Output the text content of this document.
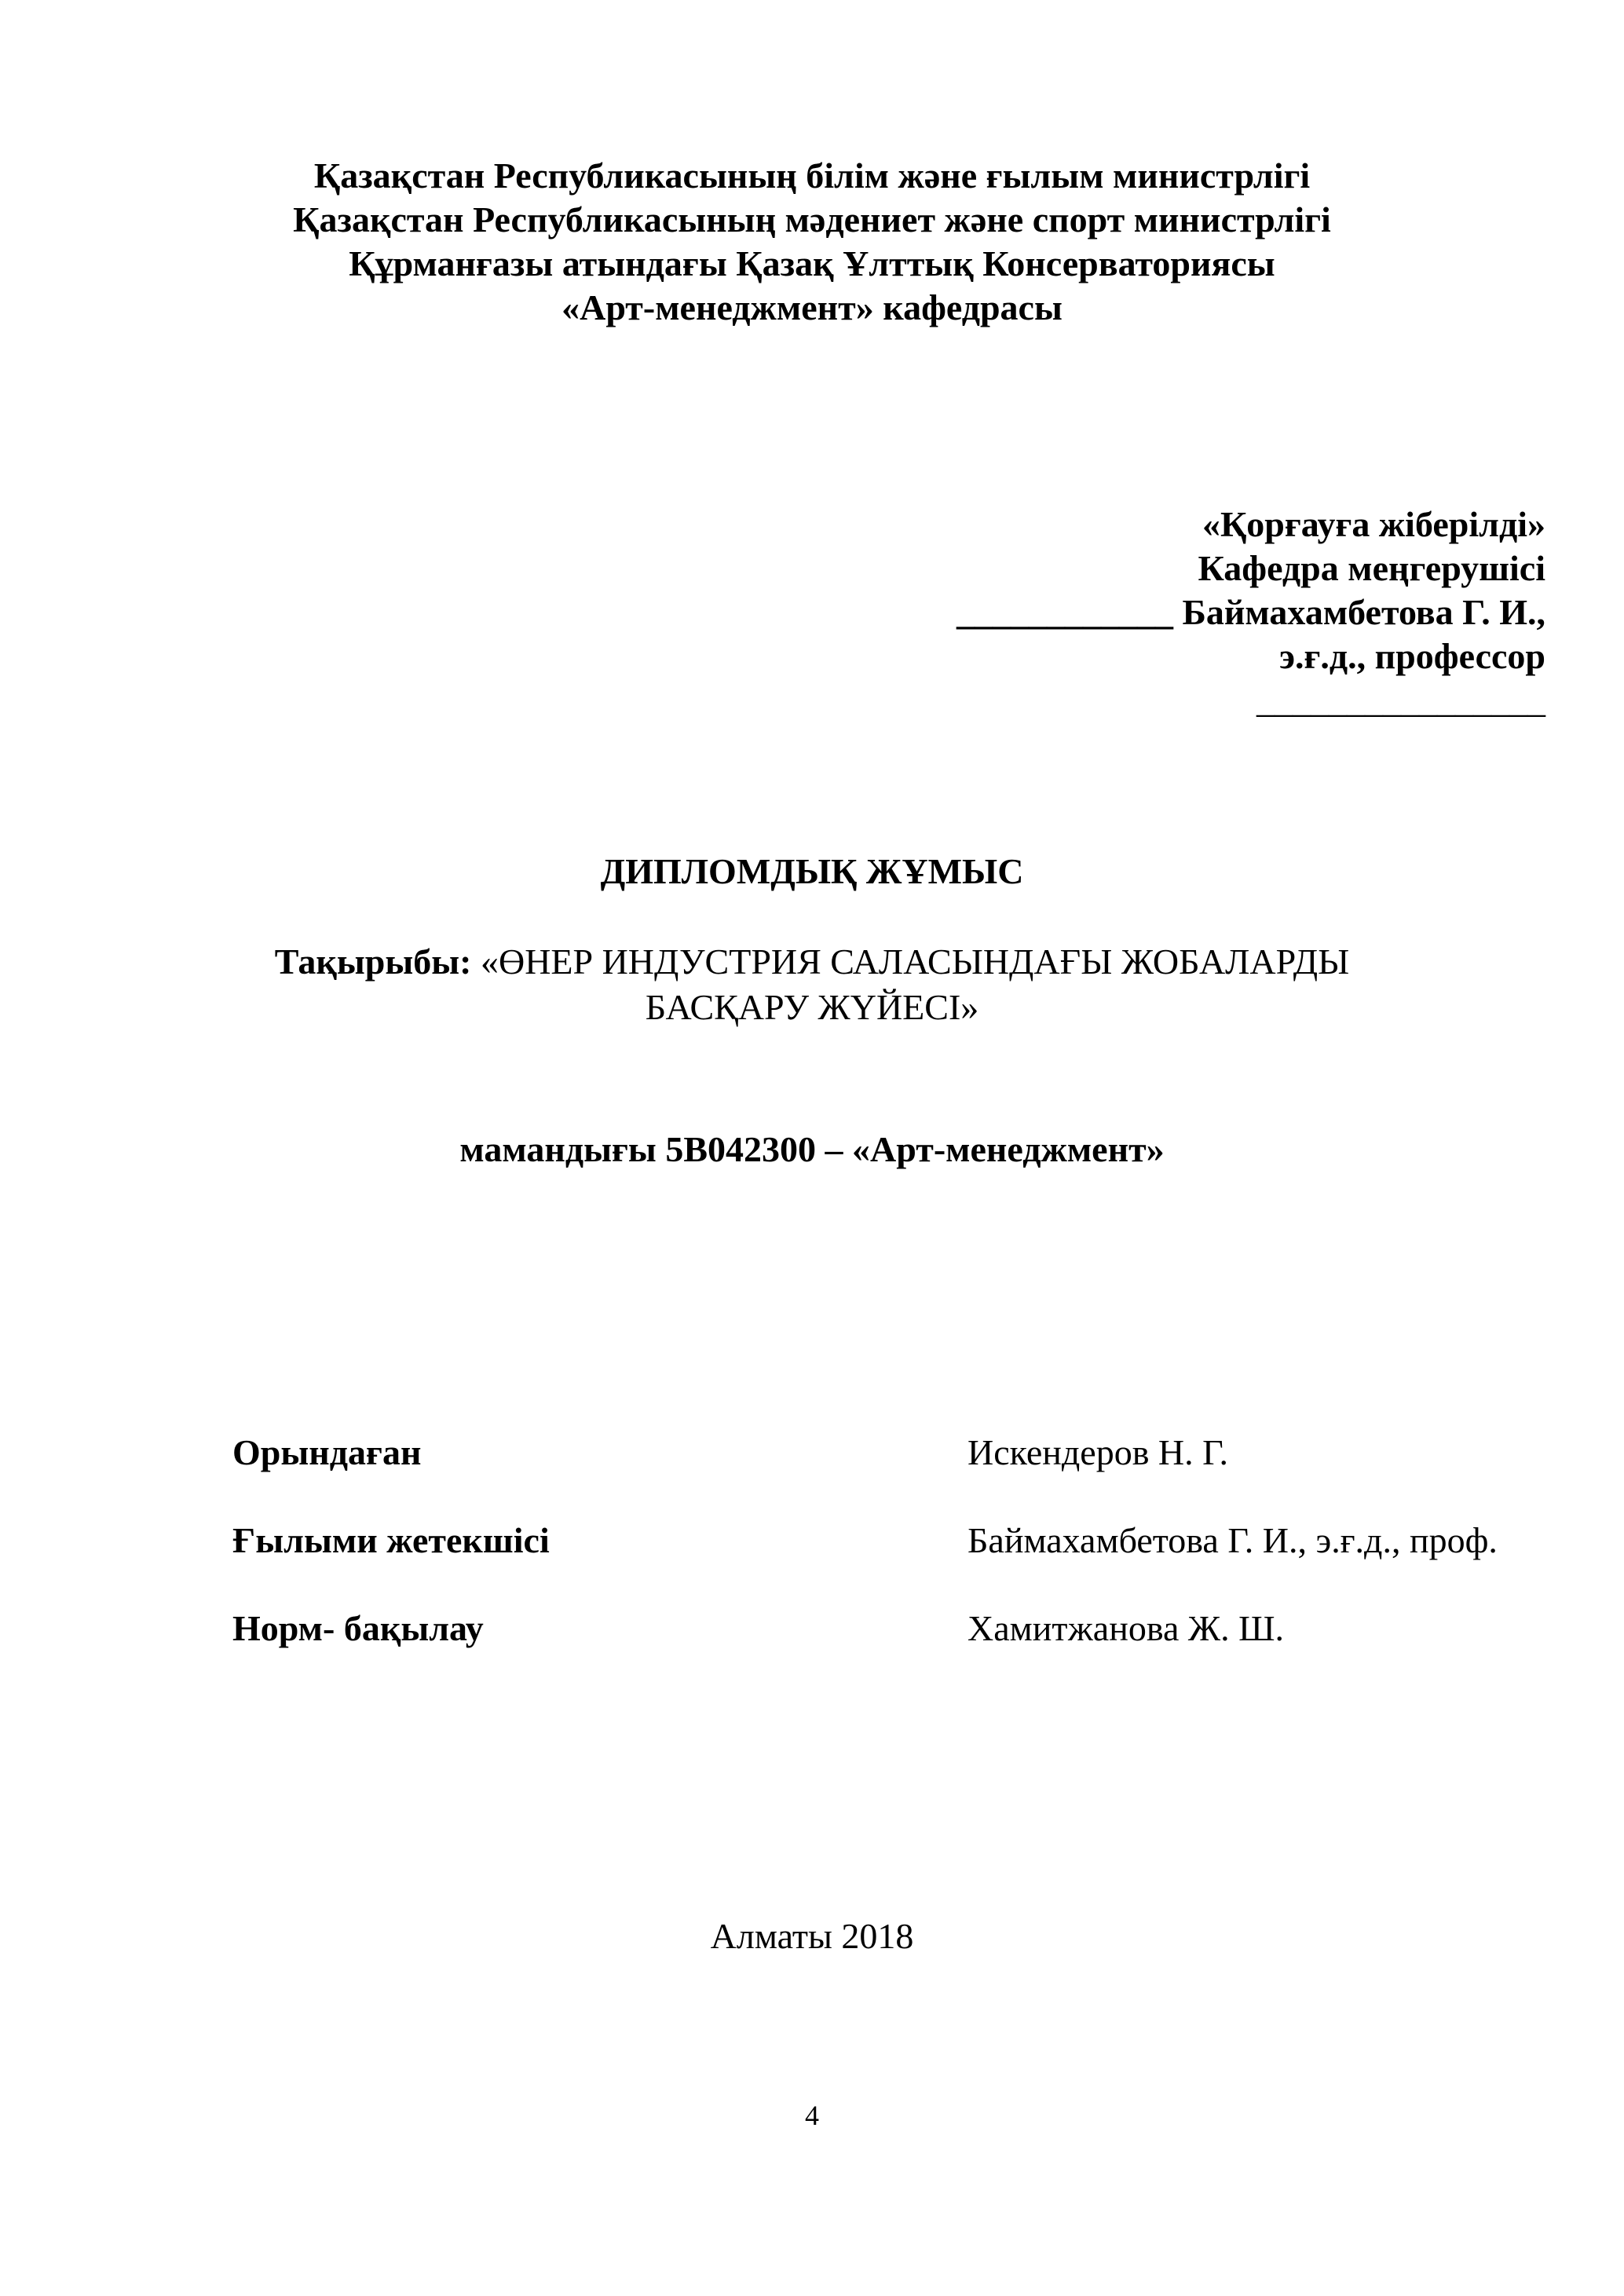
Қазақстан Республикасының білім және ғылым министрлігі
Қазақстан Республикасының мәдениет және спорт министрлігі
Құрманғазы атындағы Қазақ Ұлттық Консерваториясы
«Арт-менеджмент» кафедрасы
«Қорғауға жіберілді»
Кафедра меңгерушісі
____________ Баймахамбетова Г. И.,
э.ғ.д., профессор
________________
ДИПЛОМДЫҚ ЖҰМЫС
Тақырыбы: «ӨНЕР ИНДУСТРИЯ САЛАСЫНДАҒЫ ЖОБАЛАРДЫ
БАСҚАРУ ЖҮЙЕСІ»
мамандығы 5В042300 – «Арт-менеджмент»
Орындаған	Искендеров Н. Г.
Ғылыми жетекшісі	Баймахамбетова Г. И., э.ғ.д., проф.
Норм- бақылау	Хамитжанова Ж. Ш.
Алматы 2018
4
